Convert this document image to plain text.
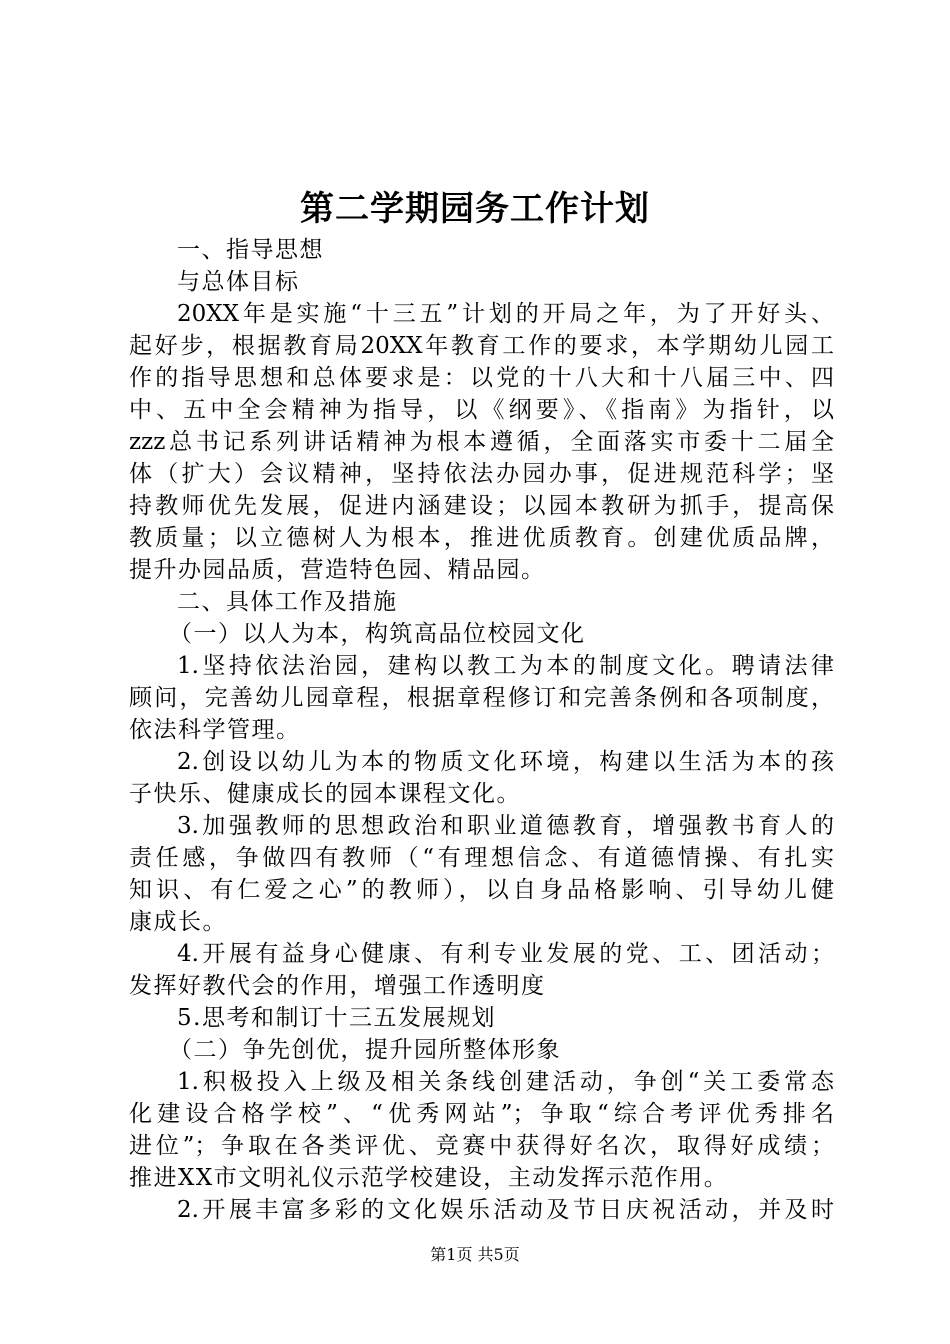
第二学期园务工作计划
一、指导思想
与总体目标
20XX年是实施“十三五”计划的开局之年，为了开好头、
起好步，根据教育局20XX年教育工作的要求，本学期幼儿园工
作的指导思想和总体要求是：以党的十八大和十八届三中、四
中、五中全会精神为指导，以《纲要》、《指南》为指针，以
zzz总书记系列讲话精神为根本遵循，全面落实市委十二届全
体（扩大）会议精神，坚持依法办园办事，促进规范科学；坚
持教师优先发展，促进内涵建设；以园本教研为抓手，提高保
教质量；以立德树人为根本，推进优质教育。创建优质品牌，
提升办园品质，营造特色园、精品园。
二、具体工作及措施
（一）以人为本，构筑高品位校园文化
1.坚持依法治园，建构以教工为本的制度文化。聘请法律
顾问，完善幼儿园章程，根据章程修订和完善条例和各项制度，
依法科学管理。
2.创设以幼儿为本的物质文化环境，构建以生活为本的孩
子快乐、健康成长的园本课程文化。
3.加强教师的思想政治和职业道德教育，增强教书育人的
责任感，争做四有教师（“有理想信念、有道德情操、有扎实
知识、有仁爱之心”的教师），以自身品格影响、引导幼儿健
康成长。
4.开展有益身心健康、有利专业发展的党、工、团活动；
发挥好教代会的作用，增强工作透明度
5.思考和制订十三五发展规划
（二）争先创优，提升园所整体形象
1.积极投入上级及相关条线创建活动，争创“关工委常态
化建设合格学校”、“优秀网站”；争取“综合考评优秀排名
进位”；争取在各类评优、竞赛中获得好名次，取得好成绩；
推进XX市文明礼仪示范学校建设，主动发挥示范作用。
2.开展丰富多彩的文化娱乐活动及节日庆祝活动，并及时
第1页 共5页
